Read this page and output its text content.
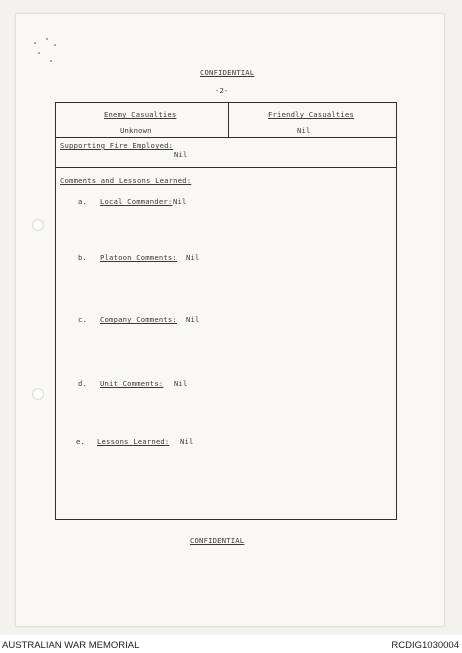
CONFIDENTIAL
-2-
Enemy Casualties
Unknown
Friendly Casualties
Nil
Supporting Fire Employed:
Nil
Comments and Lessons Learned:
a. Local Commander: Nil
b. Platoon Comments: Nil
c. Company Comments: Nil
d. Unit Comments: Nil
e. Lessons Learned: Nil
CONFIDENTIAL
AUSTRALIAN WAR MEMORIAL	RCDIG1030004
